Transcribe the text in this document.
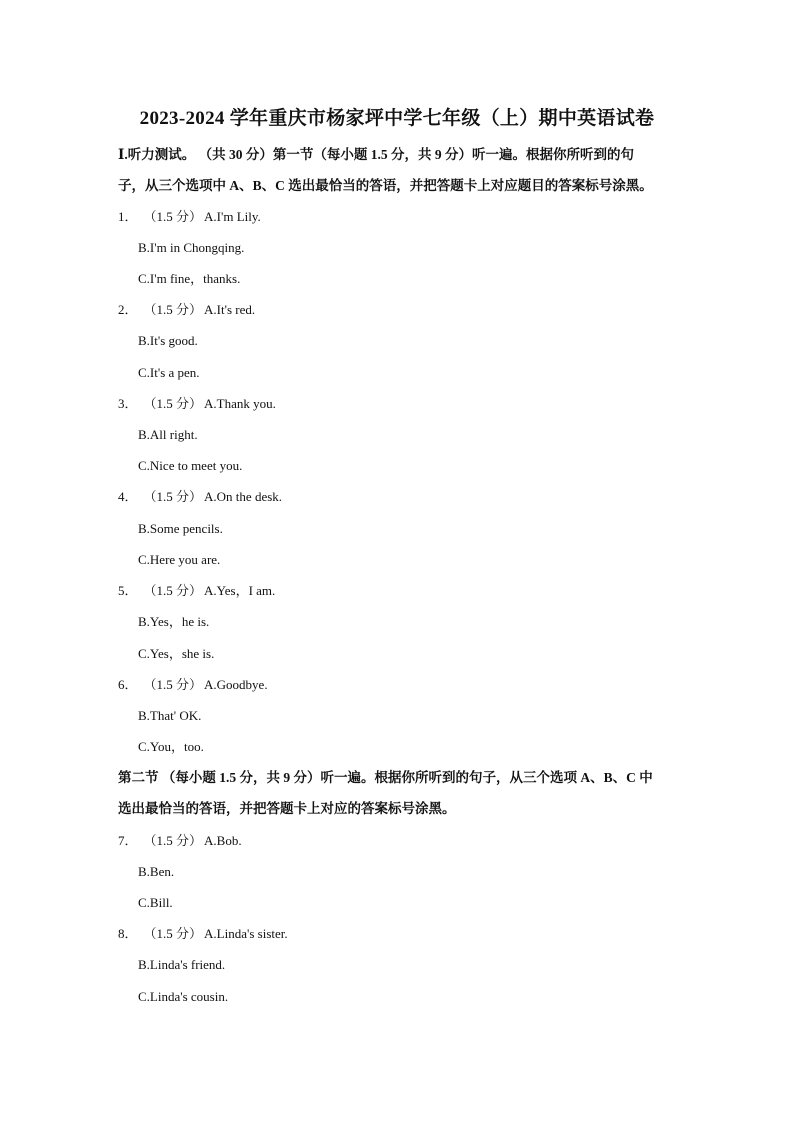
2023-2024 学年重庆市杨家坪中学七年级（上）期中英语试卷
Ⅰ.听力测试。 （共 30 分）第一节（每小题 1.5 分，共 9 分）听一遍。根据你所听到的句
子，从三个选项中 A、B、C 选出最恰当的答语，并把答题卡上对应题目的答案标号涂黑。
1． （1.5 分） A.I'm Lily.
B.I'm in Chongqing.
C.I'm fine，thanks.
2． （1.5 分） A.It's red.
B.It's good.
C.It's a pen.
3． （1.5 分） A.Thank you.
B.All right.
C.Nice to meet you.
4． （1.5 分） A.On the desk.
B.Some pencils.
C.Here you are.
5． （1.5 分） A.Yes，I am.
B.Yes，he is.
C.Yes，she is.
6． （1.5 分） A.Goodbye.
B.That' OK.
C.You，too.
第二节 （每小题 1.5 分，共 9 分）听一遍。根据你所听到的句子，从三个选项 A、B、C 中
选出最恰当的答语，并把答题卡上对应的答案标号涂黑。
7． （1.5 分） A.Bob.
B.Ben.
C.Bill.
8． （1.5 分） A.Linda's sister.
B.Linda's friend.
C.Linda's cousin.
